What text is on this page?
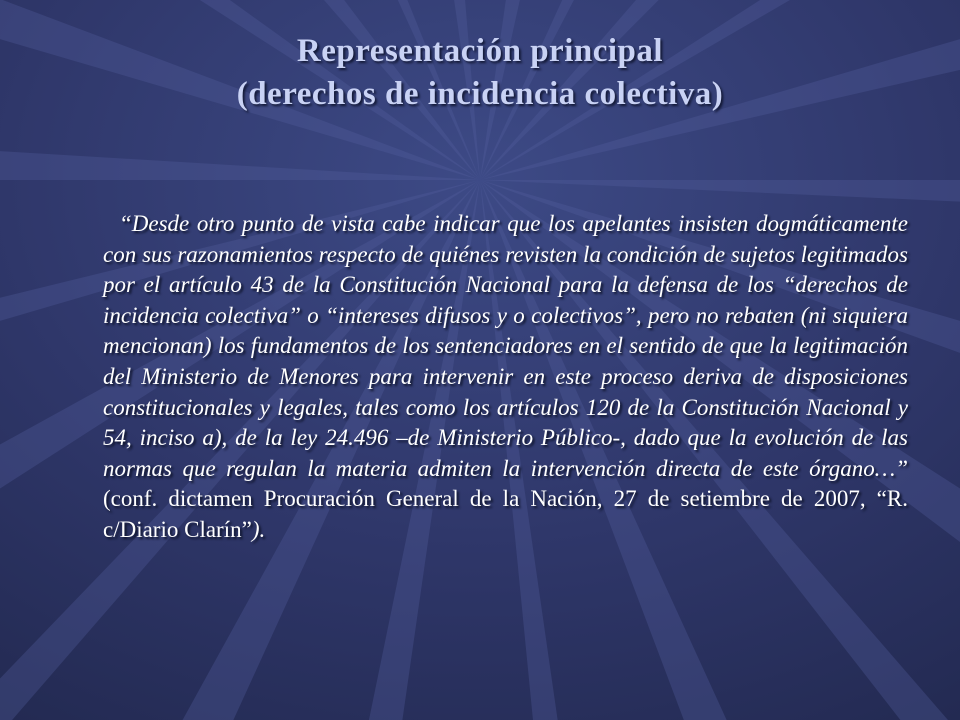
Representación principal
(derechos de incidencia colectiva)
“Desde otro punto de vista cabe indicar que los apelantes insisten dogmáticamente con sus razonamientos respecto de quiénes revisten la condición de sujetos legitimados por el artículo 43 de la Constitución Nacional para la defensa de los “derechos de incidencia colectiva” o “intereses difusos y o colectivos”, pero no rebaten (ni siquiera mencionan) los fundamentos de los sentenciadores en el sentido de que la legitimación del Ministerio de Menores para intervenir en este proceso deriva de disposiciones constitucionales y legales, tales como los artículos 120 de la Constitución Nacional y 54, inciso a), de la ley 24.496 –de Ministerio Público-, dado que la evolución de las normas que regulan la materia admiten la intervención directa de este órgano…” (conf. dictamen Procuración General de la Nación, 27 de setiembre de 2007, “R. c/Diario Clarín”).
